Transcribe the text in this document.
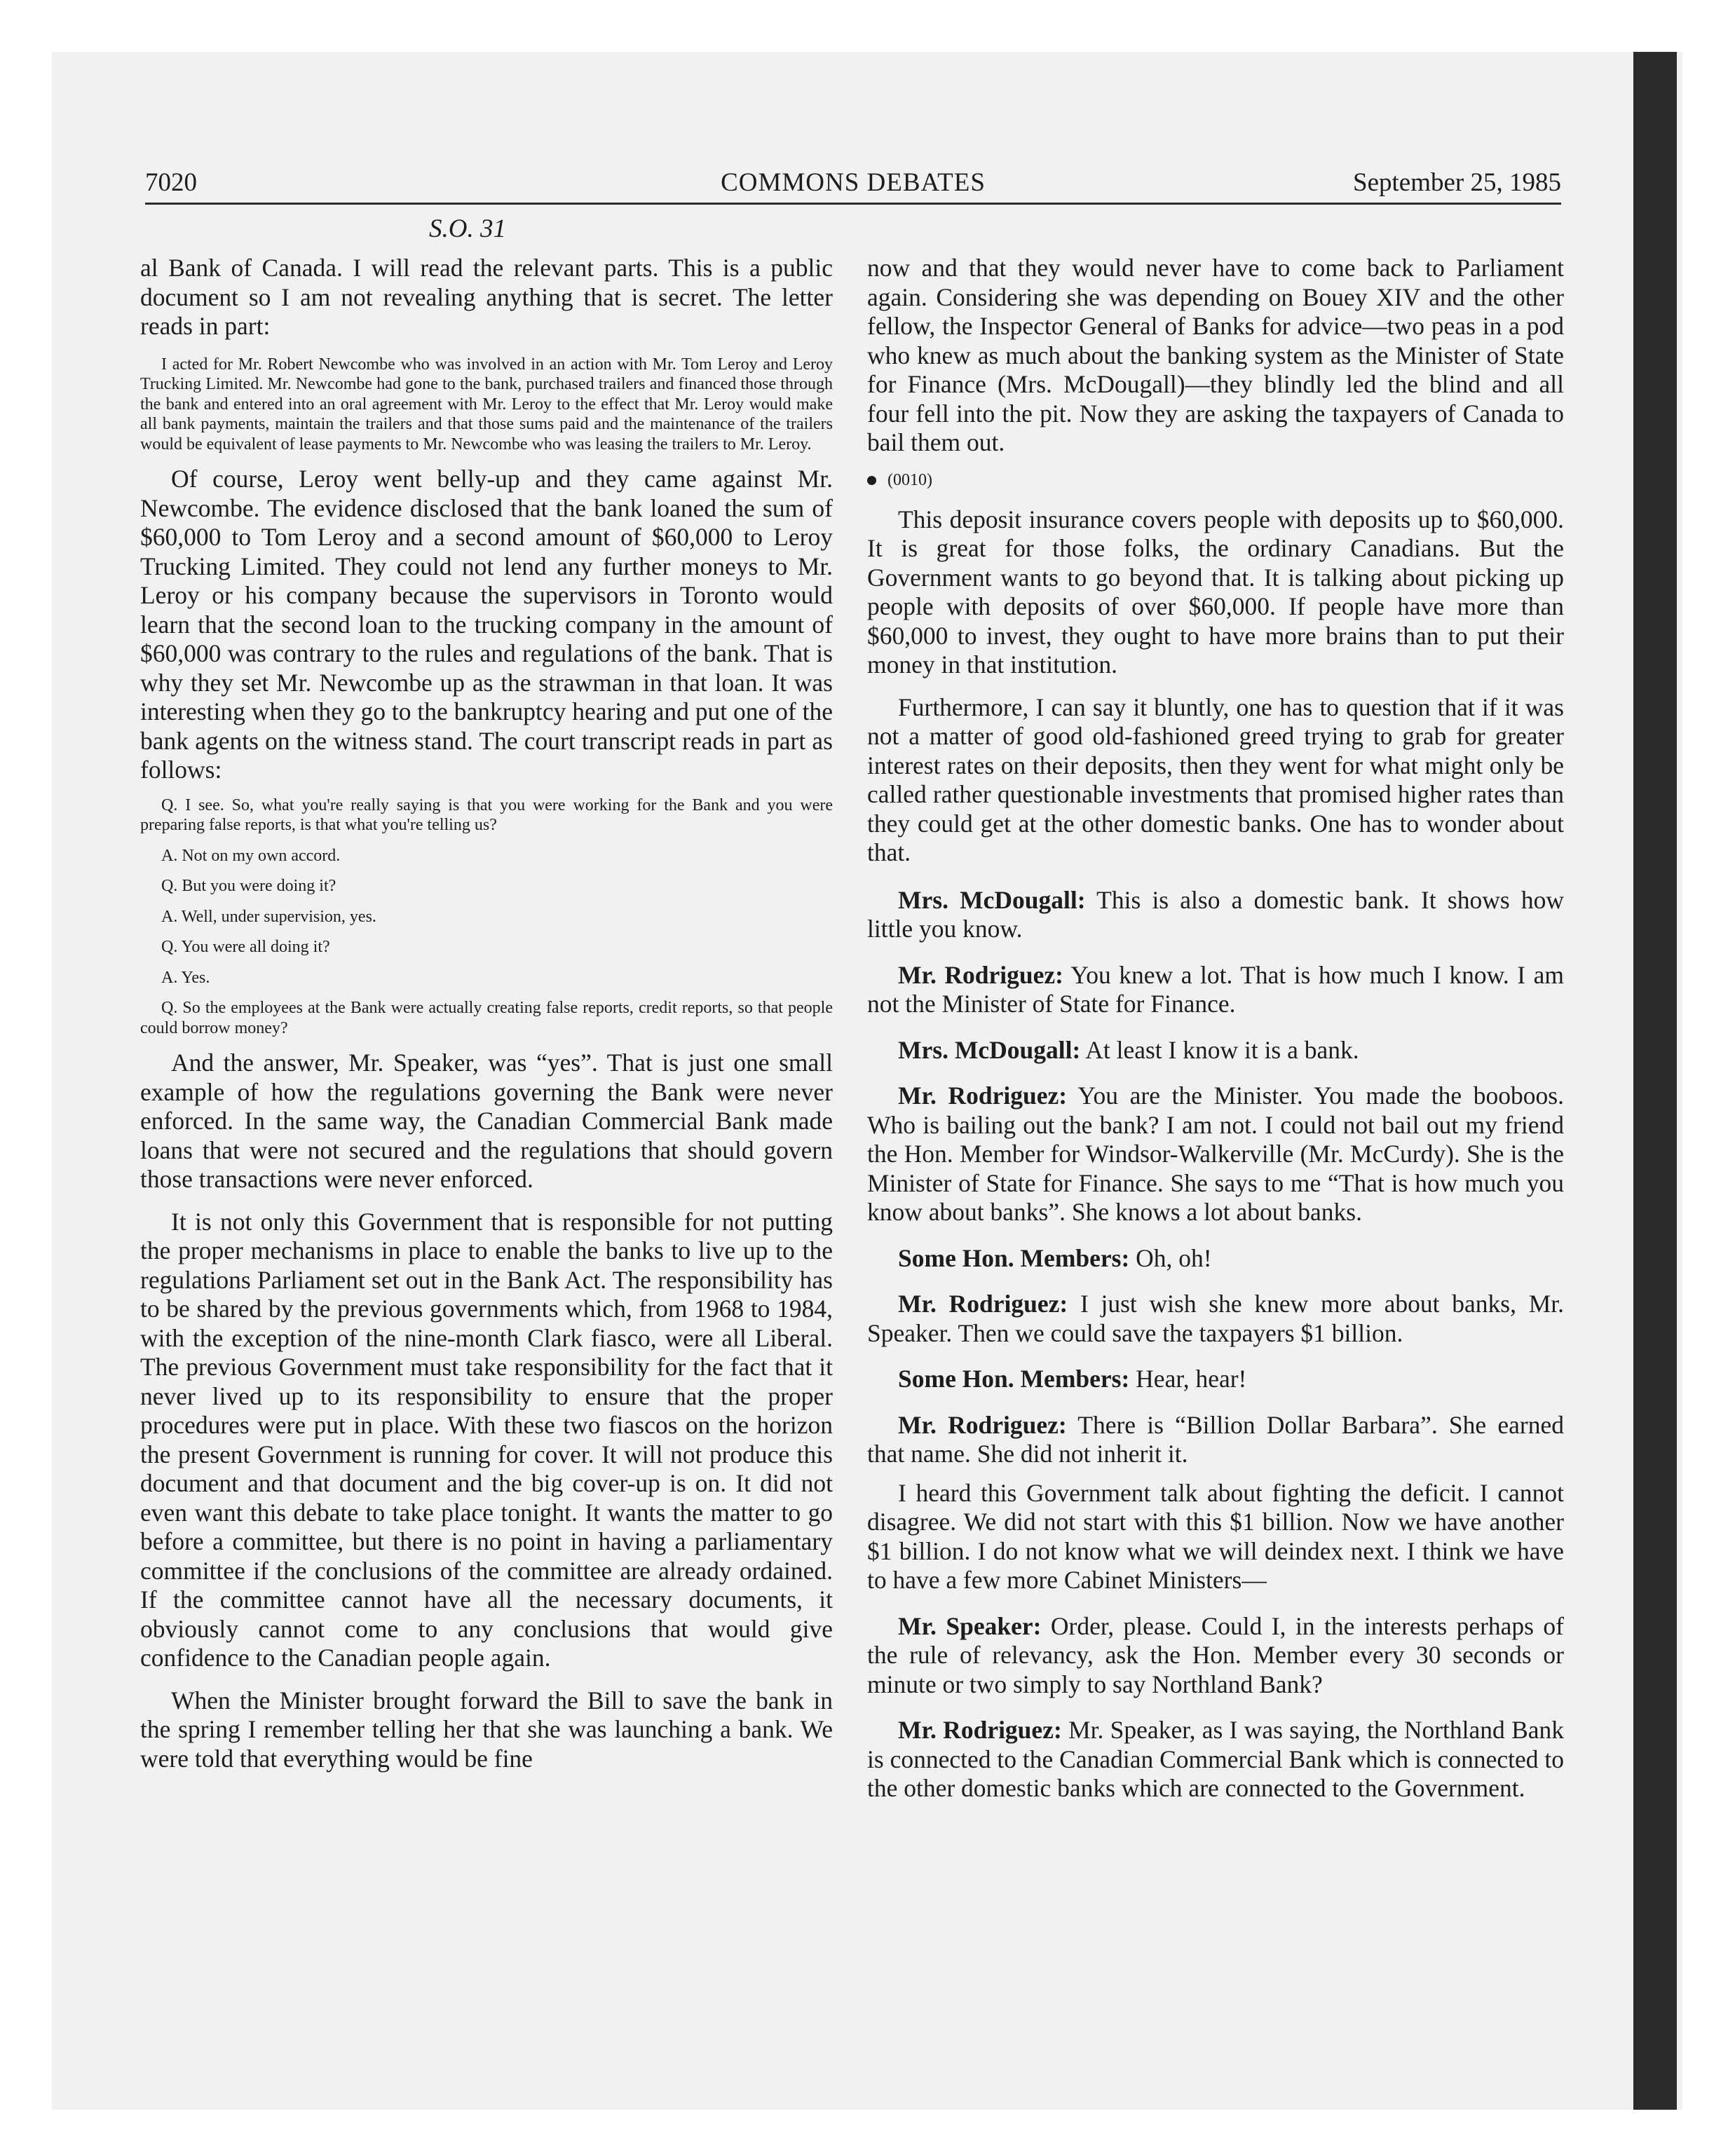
7020	COMMONS DEBATES	September 25, 1985
S.O. 31

al Bank of Canada. I will read the relevant parts. This is a public document so I am not revealing anything that is secret. The letter reads in part:

I acted for Mr. Robert Newcombe who was involved in an action with Mr. Tom Leroy and Leroy Trucking Limited. Mr. Newcombe had gone to the bank, purchased trailers and financed those through the bank and entered into an oral agreement with Mr. Leroy to the effect that Mr. Leroy would make all bank payments, maintain the trailers and that those sums paid and the maintenance of the trailers would be equivalent of lease payments to Mr. Newcombe who was leasing the trailers to Mr. Leroy.

Of course, Leroy went belly-up and they came against Mr. Newcombe. The evidence disclosed that the bank loaned the sum of $60,000 to Tom Leroy and a second amount of $60,000 to Leroy Trucking Limited. They could not lend any further moneys to Mr. Leroy or his company because the supervisors in Toronto would learn that the second loan to the trucking company in the amount of $60,000 was contrary to the rules and regulations of the bank. That is why they set Mr. Newcombe up as the strawman in that loan. It was interesting when they go to the bankruptcy hearing and put one of the bank agents on the witness stand. The court transcript reads in part as follows:

Q. I see. So, what you're really saying is that you were working for the Bank and you were preparing false reports, is that what you're telling us?

A. Not on my own accord.

Q. But you were doing it?

A. Well, under supervision, yes.

Q. You were all doing it?

A. Yes.

Q. So the employees at the Bank were actually creating false reports, credit reports, so that people could borrow money?

And the answer, Mr. Speaker, was “yes”. That is just one small example of how the regulations governing the Bank were never enforced. In the same way, the Canadian Commercial Bank made loans that were not secured and the regulations that should govern those transactions were never enforced.

It is not only this Government that is responsible for not putting the proper mechanisms in place to enable the banks to live up to the regulations Parliament set out in the Bank Act. The responsibility has to be shared by the previous governments which, from 1968 to 1984, with the exception of the nine-month Clark fiasco, were all Liberal. The previous Government must take responsibility for the fact that it never lived up to its responsibility to ensure that the proper procedures were put in place. With these two fiascos on the horizon the present Government is running for cover. It will not produce this document and that document and the big cover-up is on. It did not even want this debate to take place tonight. It wants the matter to go before a committee, but there is no point in having a parliamentary committee if the conclusions of the committee are already ordained. If the committee cannot have all the necessary documents, it obviously cannot come to any conclusions that would give confidence to the Canadian people again.

When the Minister brought forward the Bill to save the bank in the spring I remember telling her that she was launching a bank. We were told that everything would be fine

now and that they would never have to come back to Parliament again. Considering she was depending on Bouey XIV and the other fellow, the Inspector General of Banks for advice—two peas in a pod who knew as much about the banking system as the Minister of State for Finance (Mrs. McDougall)—they blindly led the blind and all four fell into the pit. Now they are asking the taxpayers of Canada to bail them out.

(0010)

This deposit insurance covers people with deposits up to $60,000. It is great for those folks, the ordinary Canadians. But the Government wants to go beyond that. It is talking about picking up people with deposits of over $60,000. If people have more than $60,000 to invest, they ought to have more brains than to put their money in that institution.

Furthermore, I can say it bluntly, one has to question that if it was not a matter of good old-fashioned greed trying to grab for greater interest rates on their deposits, then they went for what might only be called rather questionable investments that promised higher rates than they could get at the other domestic banks. One has to wonder about that.

Mrs. McDougall: This is also a domestic bank. It shows how little you know.

Mr. Rodriguez: You knew a lot. That is how much I know. I am not the Minister of State for Finance.

Mrs. McDougall: At least I know it is a bank.

Mr. Rodriguez: You are the Minister. You made the booboos. Who is bailing out the bank? I am not. I could not bail out my friend the Hon. Member for Windsor-Walkerville (Mr. McCurdy). She is the Minister of State for Finance. She says to me “That is how much you know about banks”. She knows a lot about banks.

Some Hon. Members: Oh, oh!

Mr. Rodriguez: I just wish she knew more about banks, Mr. Speaker. Then we could save the taxpayers $1 billion.

Some Hon. Members: Hear, hear!

Mr. Rodriguez: There is “Billion Dollar Barbara”. She earned that name. She did not inherit it.

I heard this Government talk about fighting the deficit. I cannot disagree. We did not start with this $1 billion. Now we have another $1 billion. I do not know what we will deindex next. I think we have to have a few more Cabinet Ministers—

Mr. Speaker: Order, please. Could I, in the interests perhaps of the rule of relevancy, ask the Hon. Member every 30 seconds or minute or two simply to say Northland Bank?

Mr. Rodriguez: Mr. Speaker, as I was saying, the Northland Bank is connected to the Canadian Commercial Bank which is connected to the other domestic banks which are connected to the Government.
